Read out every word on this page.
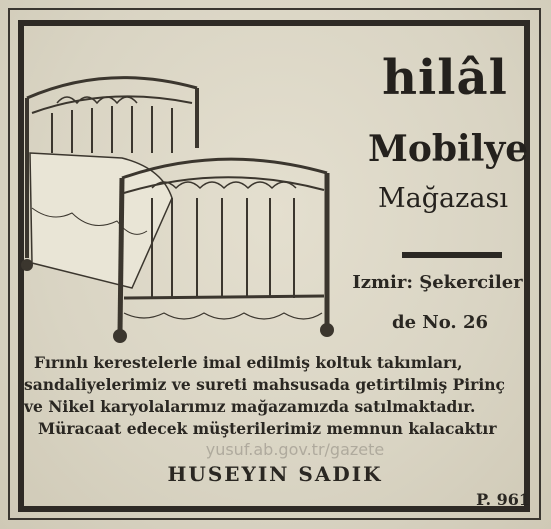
hilâl
Mobilye
Mağazası
Izmir: Şekerciler
de No. 26

Fırınlı kerestelerle imal edilmiş koltuk takımları,

sandaliyelerimiz ve sureti mahsusada getirtilmiş Pirinç

ve Nikel karyolalarımız mağazamızda satılmaktadır.

Müracaat edecek müşterilerimiz memnun kalacaktır

yusuf.ab.gov.tr/gazete
HUSEYIN SADIK
P. 961
